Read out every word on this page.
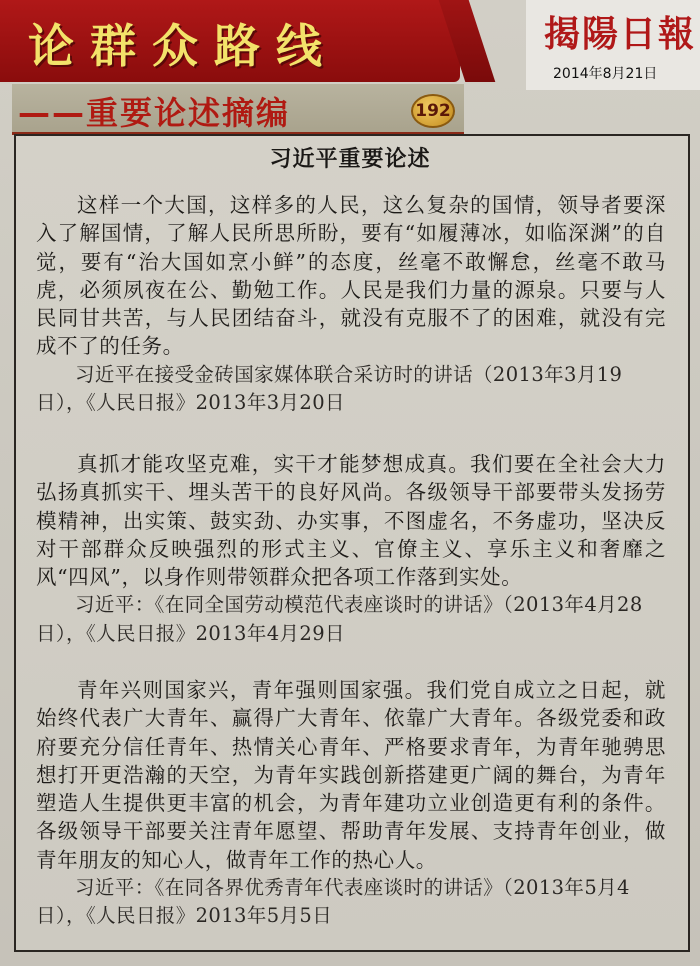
论群众路线
——重要论述摘编	192
揭陽日報
2014年8月21日
习近平重要论述

这样一个大国，这样多的人民，这么复杂的国情，领导者要深入了解国情，了解人民所思所盼，要有“如履薄冰，如临深渊”的自觉，要有“治大国如烹小鲜”的态度，丝毫不敢懈怠，丝毫不敢马虎，必须夙夜在公、勤勉工作。人民是我们力量的源泉。只要与人民同甘共苦，与人民团结奋斗，就没有克服不了的困难，就没有完成不了的任务。

习近平在接受金砖国家媒体联合采访时的讲话（2013年3月19日），《人民日报》2013年3月20日

真抓才能攻坚克难，实干才能梦想成真。我们要在全社会大力弘扬真抓实干、埋头苦干的良好风尚。各级领导干部要带头发扬劳模精神，出实策、鼓实劲、办实事，不图虚名，不务虚功，坚决反对干部群众反映强烈的形式主义、官僚主义、享乐主义和奢靡之风“四风”，以身作则带领群众把各项工作落到实处。

习近平：《在同全国劳动模范代表座谈时的讲话》（2013年4月28日），《人民日报》2013年4月29日

青年兴则国家兴，青年强则国家强。我们党自成立之日起，就始终代表广大青年、赢得广大青年、依靠广大青年。各级党委和政府要充分信任青年、热情关心青年、严格要求青年，为青年驰骋思想打开更浩瀚的天空，为青年实践创新搭建更广阔的舞台，为青年塑造人生提供更丰富的机会，为青年建功立业创造更有利的条件。各级领导干部要关注青年愿望、帮助青年发展、支持青年创业，做青年朋友的知心人，做青年工作的热心人。

习近平：《在同各界优秀青年代表座谈时的讲话》（2013年5月4日），《人民日报》2013年5月5日
